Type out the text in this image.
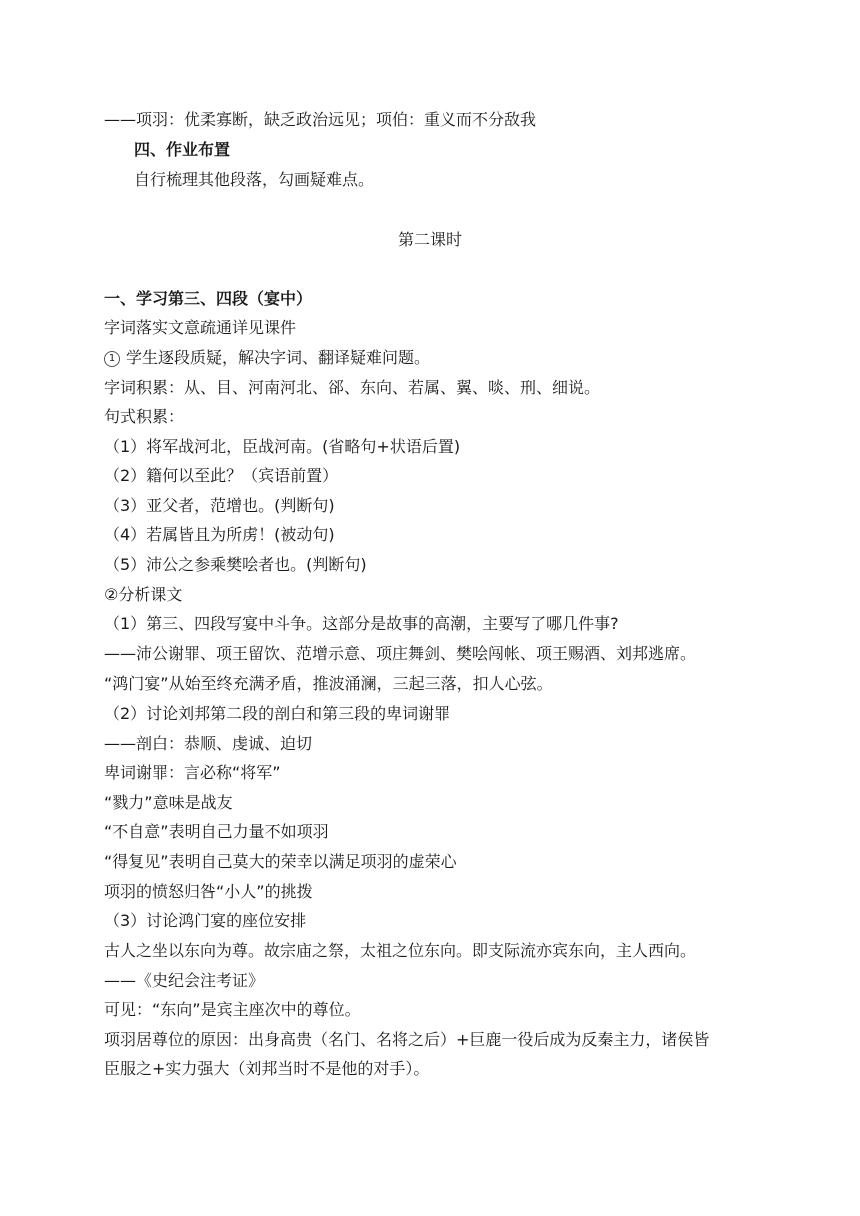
——项羽：优柔寡断，缺乏政治远见；项伯：重义而不分敌我
四、作业布置
自行梳理其他段落，勾画疑难点。
第二课时
一、学习第三、四段（宴中）
字词落实文意疏通详见课件
1 学生逐段质疑，解决字词、翻译疑难问题。
字词积累：从、目、河南河北、郤、东向、若属、翼、啖、刑、细说。
句式积累：
（1）将军战河北，臣战河南。(省略句+状语后置)
（2）籍何以至此？（宾语前置）
（3）亚父者，范增也。(判断句)
（4）若属皆且为所虏！(被动句)
（5）沛公之参乘樊哙者也。(判断句)
②分析课文
（1）第三、四段写宴中斗争。这部分是故事的高潮，主要写了哪几件事?
——沛公谢罪、项王留饮、范增示意、项庄舞剑、樊哙闯帐、项王赐酒、刘邦逃席。
“鸿门宴”从始至终充满矛盾，推波涌澜，三起三落，扣人心弦。
（2）讨论刘邦第二段的剖白和第三段的卑词谢罪
——剖白：恭顺、虔诚、迫切
卑词谢罪：言必称“将军”
“戮力”意味是战友
“不自意”表明自己力量不如项羽
“得复见”表明自己莫大的荣幸以满足项羽的虚荣心
项羽的愤怒归咎“小人”的挑拨
（3）讨论鸿门宴的座位安排
古人之坐以东向为尊。故宗庙之祭，太祖之位东向。即支际流亦宾东向，主人西向。
——《史纪会注考证》
可见：“东向”是宾主座次中的尊位。
项羽居尊位的原因：出身高贵（名门、名将之后）+巨鹿一役后成为反秦主力，诸侯皆
臣服之+实力强大（刘邦当时不是他的对手）。
